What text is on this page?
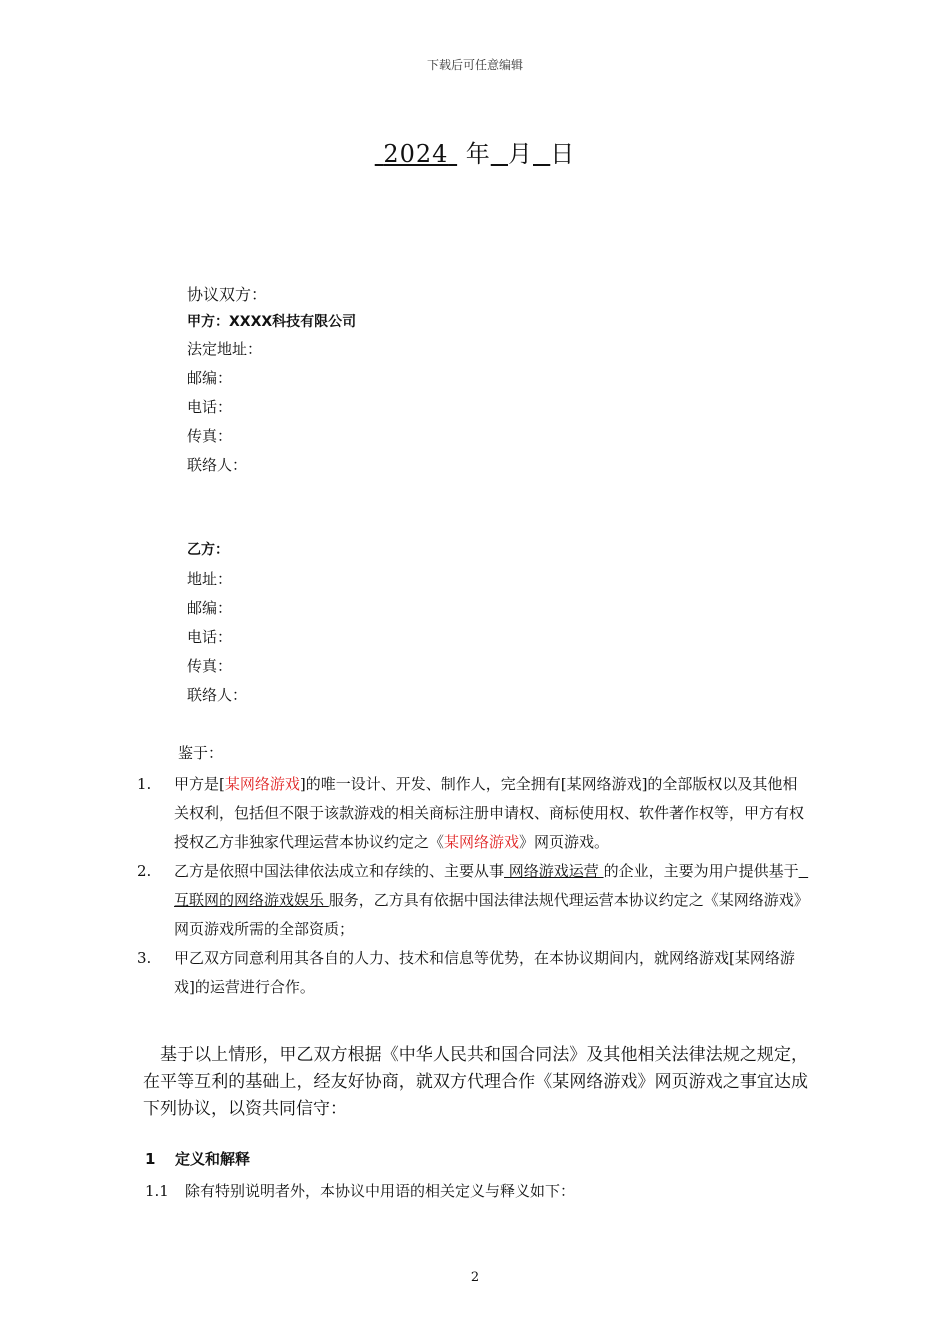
下载后可任意编辑
2024 年 月 日
协议双方：
甲方：XXXX科技有限公司
法定地址：
邮编：
电话：
传真：
联络人：
乙方：
地址：
邮编：
电话：
传真：
联络人：
鉴于：
1. 甲方是[某网络游戏]的唯一设计、开发、制作人，完全拥有[某网络游戏]的全部版权以及其他相关权利，包括但不限于该款游戏的相关商标注册申请权、商标使用权、软件著作权等，甲方有权授权乙方非独家代理运营本协议约定之《某网络游戏》网页游戏。
2. 乙方是依照中国法律依法成立和存续的、主要从事 网络游戏运营 的企业，主要为用户提供基于  互联网的网络游戏娱乐 服务，乙方具有依据中国法律法规代理运营本协议约定之《某网络游戏》网页游戏所需的全部资质；
3. 甲乙双方同意利用其各自的人力、技术和信息等优势，在本协议期间内，就网络游戏[某网络游戏]的运营进行合作。
基于以上情形，甲乙双方根据《中华人民共和国合同法》及其他相关法律法规之规定，在平等互利的基础上，经友好协商，就双方代理合作《某网络游戏》网页游戏之事宜达成下列协议，以资共同信守：
1 定义和解释
1.1 除有特别说明者外，本协议中用语的相关定义与释义如下：
2
